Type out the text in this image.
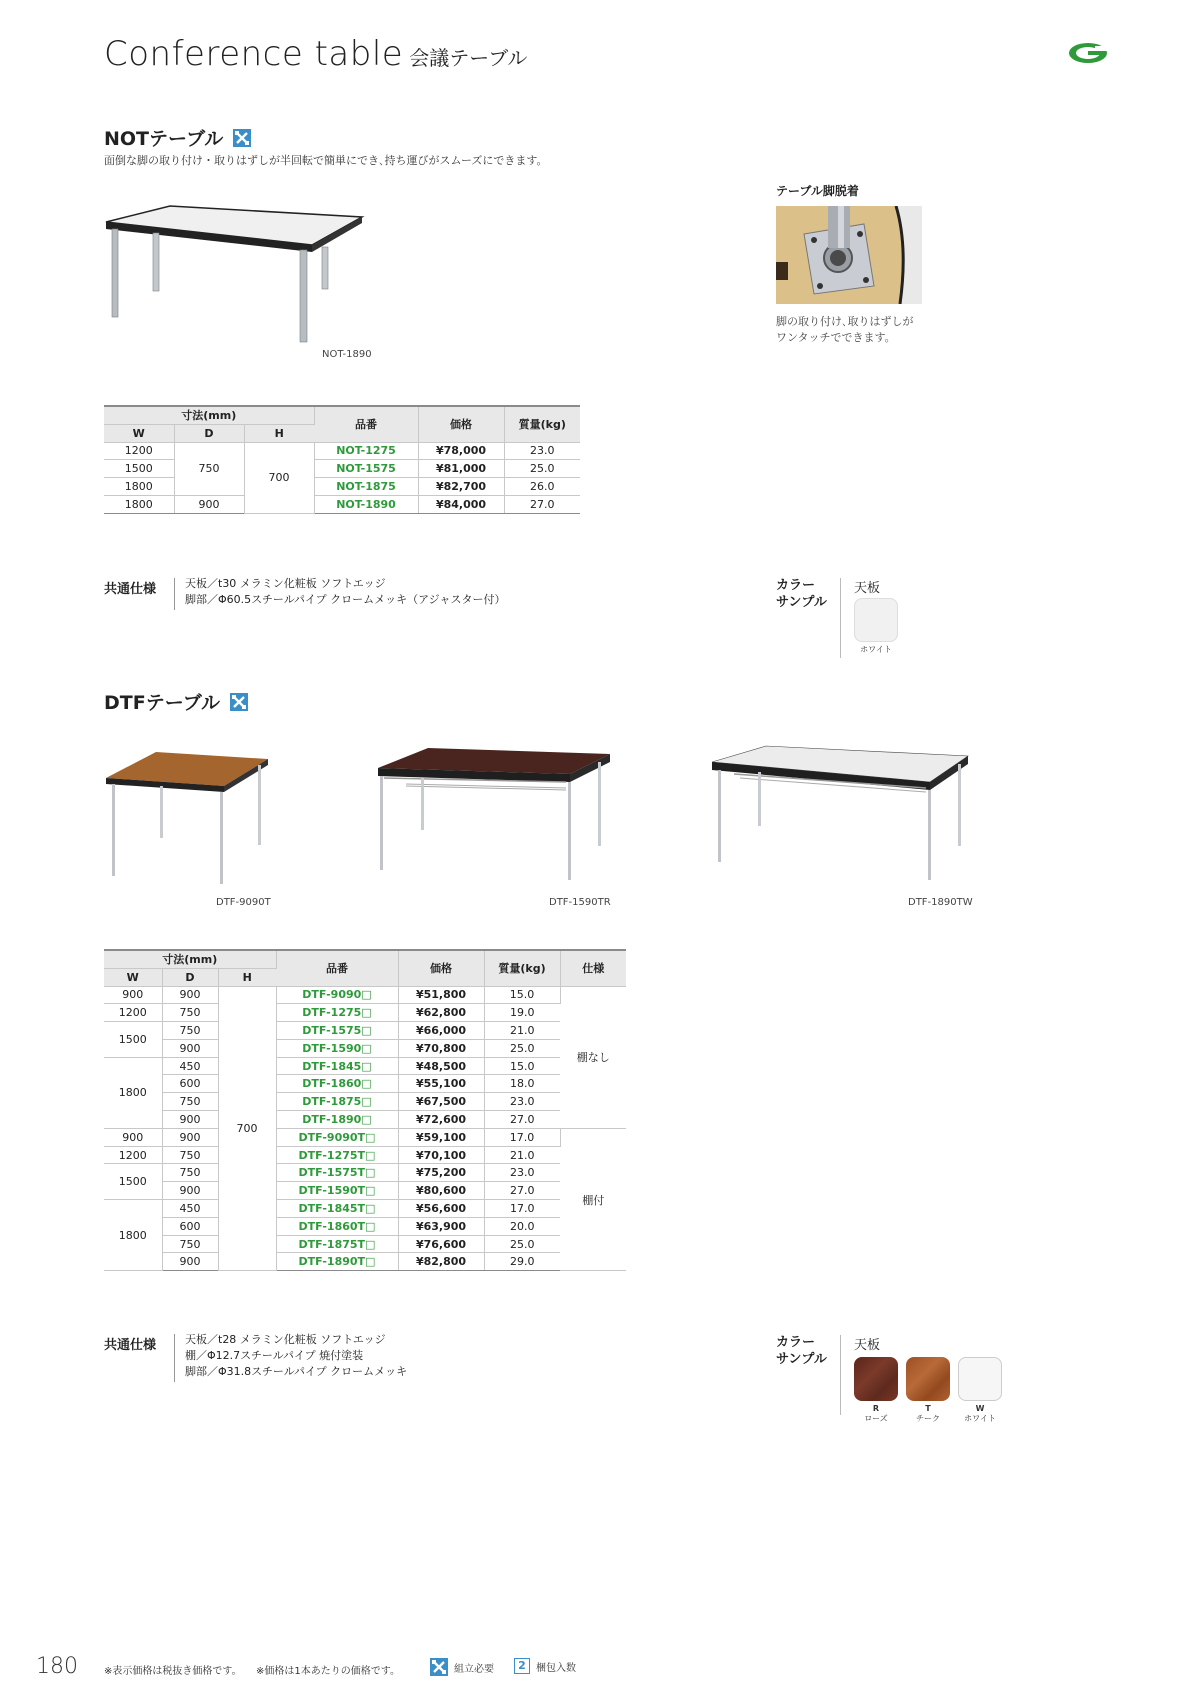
Conference table 会議テーブル
NOTテーブル
面倒な脚の取り付け・取りはずしが半回転で簡単にでき､持ち運びがスムーズにできます。
NOT-1890
テーブル脚脱着
脚の取り付け､取りはずしが
ワンタッチでできます。
寸法(mm)			品番	価格	質量(kg)
W	D	H			
1200	750	700	NOT-1275	¥78,000	23.0
1500			NOT-1575	¥81,000	25.0
1800			NOT-1875	¥82,700	26.0
1800	900		NOT-1890	¥84,000	27.0
共通仕様	天板／t30 メラミン化粧板 ソフトエッジ
脚部／Φ60.5スチールパイプ クロームメッキ（アジャスター付）
カラー
サンプル
天板
ホワイト
DTFテーブル
DTF-9090T	DTF-1590TR	DTF-1890TW
寸法(mm)			品番	価格	質量(kg)	仕様
W	D	H				
900	900	700	DTF-9090□	¥51,800	15.0	棚なし
1200	750		DTF-1275□	¥62,800	19.0	
1500	750		DTF-1575□	¥66,000	21.0	
	900		DTF-1590□	¥70,800	25.0	
1800	450		DTF-1845□	¥48,500	15.0	
	600		DTF-1860□	¥55,100	18.0	
	750		DTF-1875□	¥67,500	23.0	
	900		DTF-1890□	¥72,600	27.0	
900	900		DTF-9090T□	¥59,100	17.0	棚付
1200	750		DTF-1275T□	¥70,100	21.0	
1500	750		DTF-1575T□	¥75,200	23.0	
	900		DTF-1590T□	¥80,600	27.0	
1800	450		DTF-1845T□	¥56,600	17.0	
	600		DTF-1860T□	¥63,900	20.0	
	750		DTF-1875T□	¥76,600	25.0	
	900		DTF-1890T□	¥82,800	29.0	
共通仕様	天板／t28 メラミン化粧板 ソフトエッジ
棚／Φ12.7スチールパイプ 焼付塗装
脚部／Φ31.8スチールパイプ クロームメッキ
カラー
サンプル
天板
R
ローズ
T
チーク
W
ホワイト
180	※表示価格は税抜き価格です。 ※価格は1本あたりの価格です。	組立必要	2	梱包入数
